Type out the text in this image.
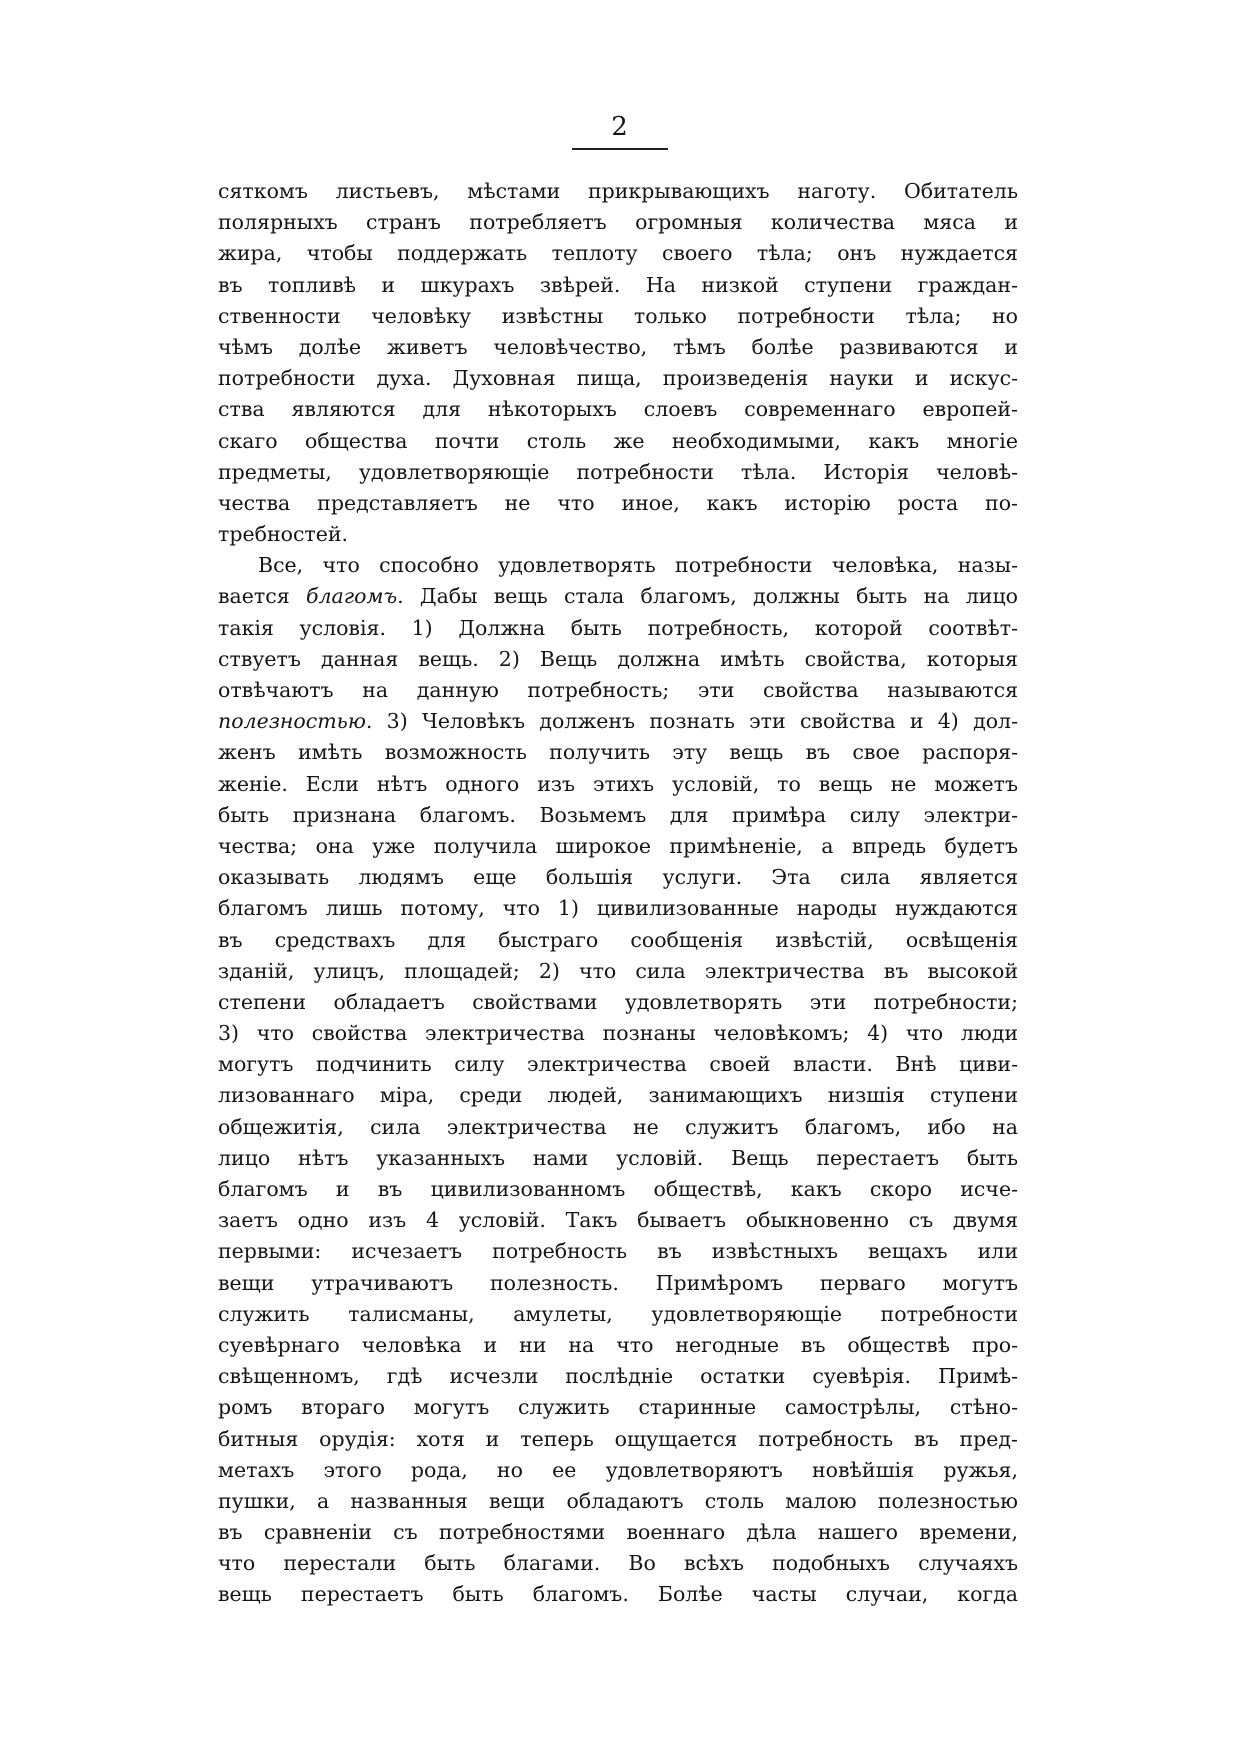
2
сяткомъ листьевъ, мѣстами прикрывающихъ наготу. Обитатель
полярныхъ странъ потребляетъ огромныя количества мяса и
жира, чтобы поддержать теплоту своего тѣла; онъ нуждается
въ топливѣ и шкурахъ звѣрей. На низкой ступени граждан-
ственности человѣку извѣстны только потребности тѣла; но
чѣмъ долѣе живетъ человѣчество, тѣмъ болѣе развиваются и
потребности духа. Духовная пища, произведенія науки и искус-
ства являются для нѣкоторыхъ слоевъ современнаго европей-
скаго общества почти столь же необходимыми, какъ многіе
предметы, удовлетворяющіе потребности тѣла. Исторія человѣ-
чества представляетъ не что иное, какъ исторію роста по-
требностей.
Все, что способно удовлетворять потребности человѣка, назы-
вается благомъ. Дабы вещь стала благомъ, должны быть на лицо
такія условія. 1) Должна быть потребность, которой соотвѣт-
ствуетъ данная вещь. 2) Вещь должна имѣть свойства, которыя
отвѣчаютъ на данную потребность; эти свойства называются
полезностью. 3) Человѣкъ долженъ познать эти свойства и 4) дол-
женъ имѣть возможность получить эту вещь въ свое распоря-
женіе. Если нѣтъ одного изъ этихъ условій, то вещь не можетъ
быть признана благомъ. Возьмемъ для примѣра силу электри-
чества; она уже получила широкое примѣненіе, а впредь будетъ
оказывать людямъ еще большія услуги. Эта сила является
благомъ лишь потому, что 1) цивилизованные народы нуждаются
въ средствахъ для быстраго сообщенія извѣстій, освѣщенія
зданій, улицъ, площадей; 2) что сила электричества въ высокой
степени обладаетъ свойствами удовлетворять эти потребности;
3) что свойства электричества познаны человѣкомъ; 4) что люди
могутъ подчинить силу электричества своей власти. Внѣ циви-
лизованнаго міра, среди людей, занимающихъ низшія ступени
общежитія, сила электричества не служитъ благомъ, ибо на
лицо нѣтъ указанныхъ нами условій. Вещь перестаетъ быть
благомъ и въ цивилизованномъ обществѣ, какъ скоро исче-
заетъ одно изъ 4 условій. Такъ бываетъ обыкновенно съ двумя
первыми: исчезаетъ потребность въ извѣстныхъ вещахъ или
вещи утрачиваютъ полезность. Примѣромъ перваго могутъ
служить талисманы, амулеты, удовлетворяющіе потребности
суевѣрнаго человѣка и ни на что негодные въ обществѣ про-
свѣщенномъ, гдѣ исчезли послѣдніе остатки суевѣрія. Примѣ-
ромъ втораго могутъ служить старинные самострѣлы, стѣно-
битныя орудія: хотя и теперь ощущается потребность въ пред-
метахъ этого рода, но ее удовлетворяютъ новѣйшія ружья,
пушки, а названныя вещи обладаютъ столь малою полезностью
въ сравненіи съ потребностями военнаго дѣла нашего времени,
что перестали быть благами. Во всѣхъ подобныхъ случаяхъ
вещь перестаетъ быть благомъ. Болѣе часты случаи, когда
